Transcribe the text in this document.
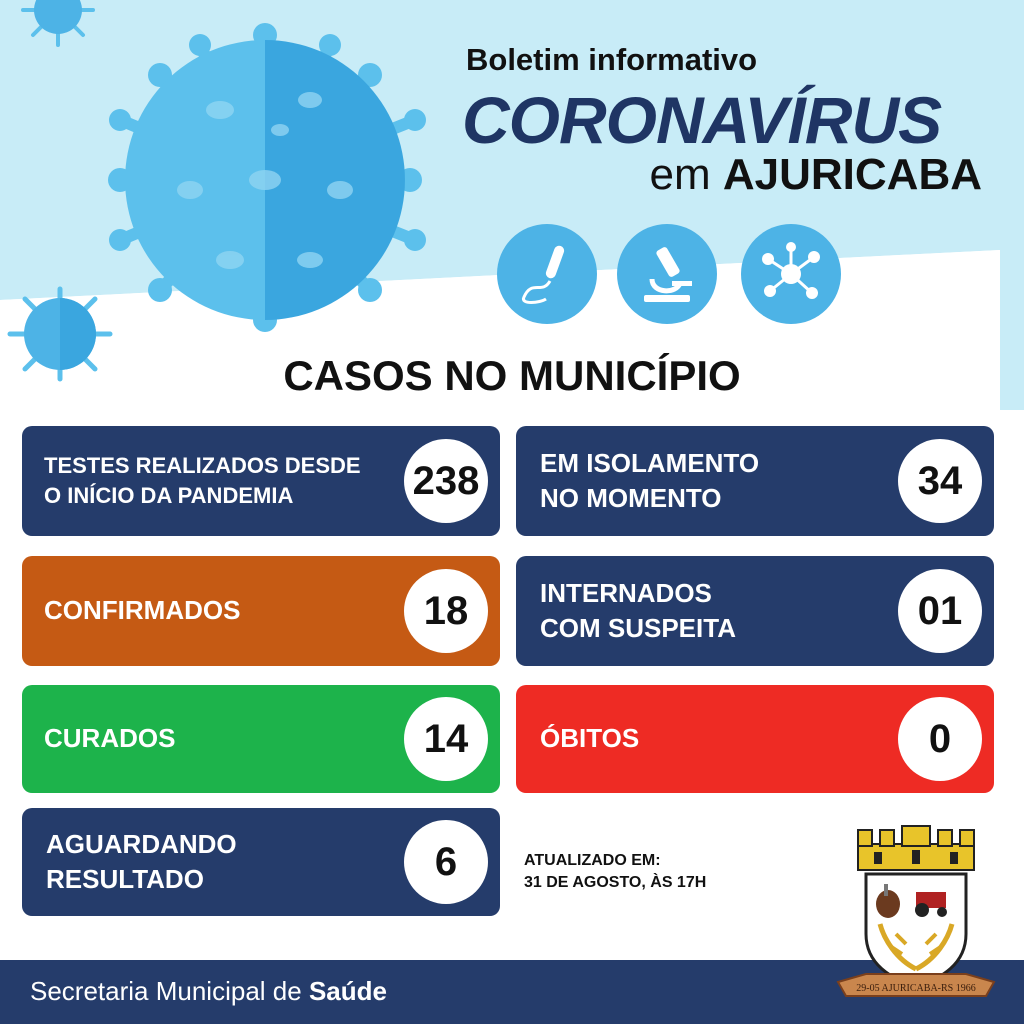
Boletim informativo
CORONAVÍRUS
em AJURICABA
CASOS NO MUNICÍPIO
TESTES REALIZADOS DESDE
O INÍCIO DA PANDEMIA	238	EM ISOLAMENTO
NO MOMENTO	34
CONFIRMADOS	18	INTERNADOS
COM SUSPEITA	01
CURADOS	14	ÓBITOS	0
AGUARDANDO
RESULTADO	6	ATUALIZADO EM:
31 DE AGOSTO, ÀS 17H
29-05 AJURICABA-RS 1966
Secretaria Municipal de Saúde
